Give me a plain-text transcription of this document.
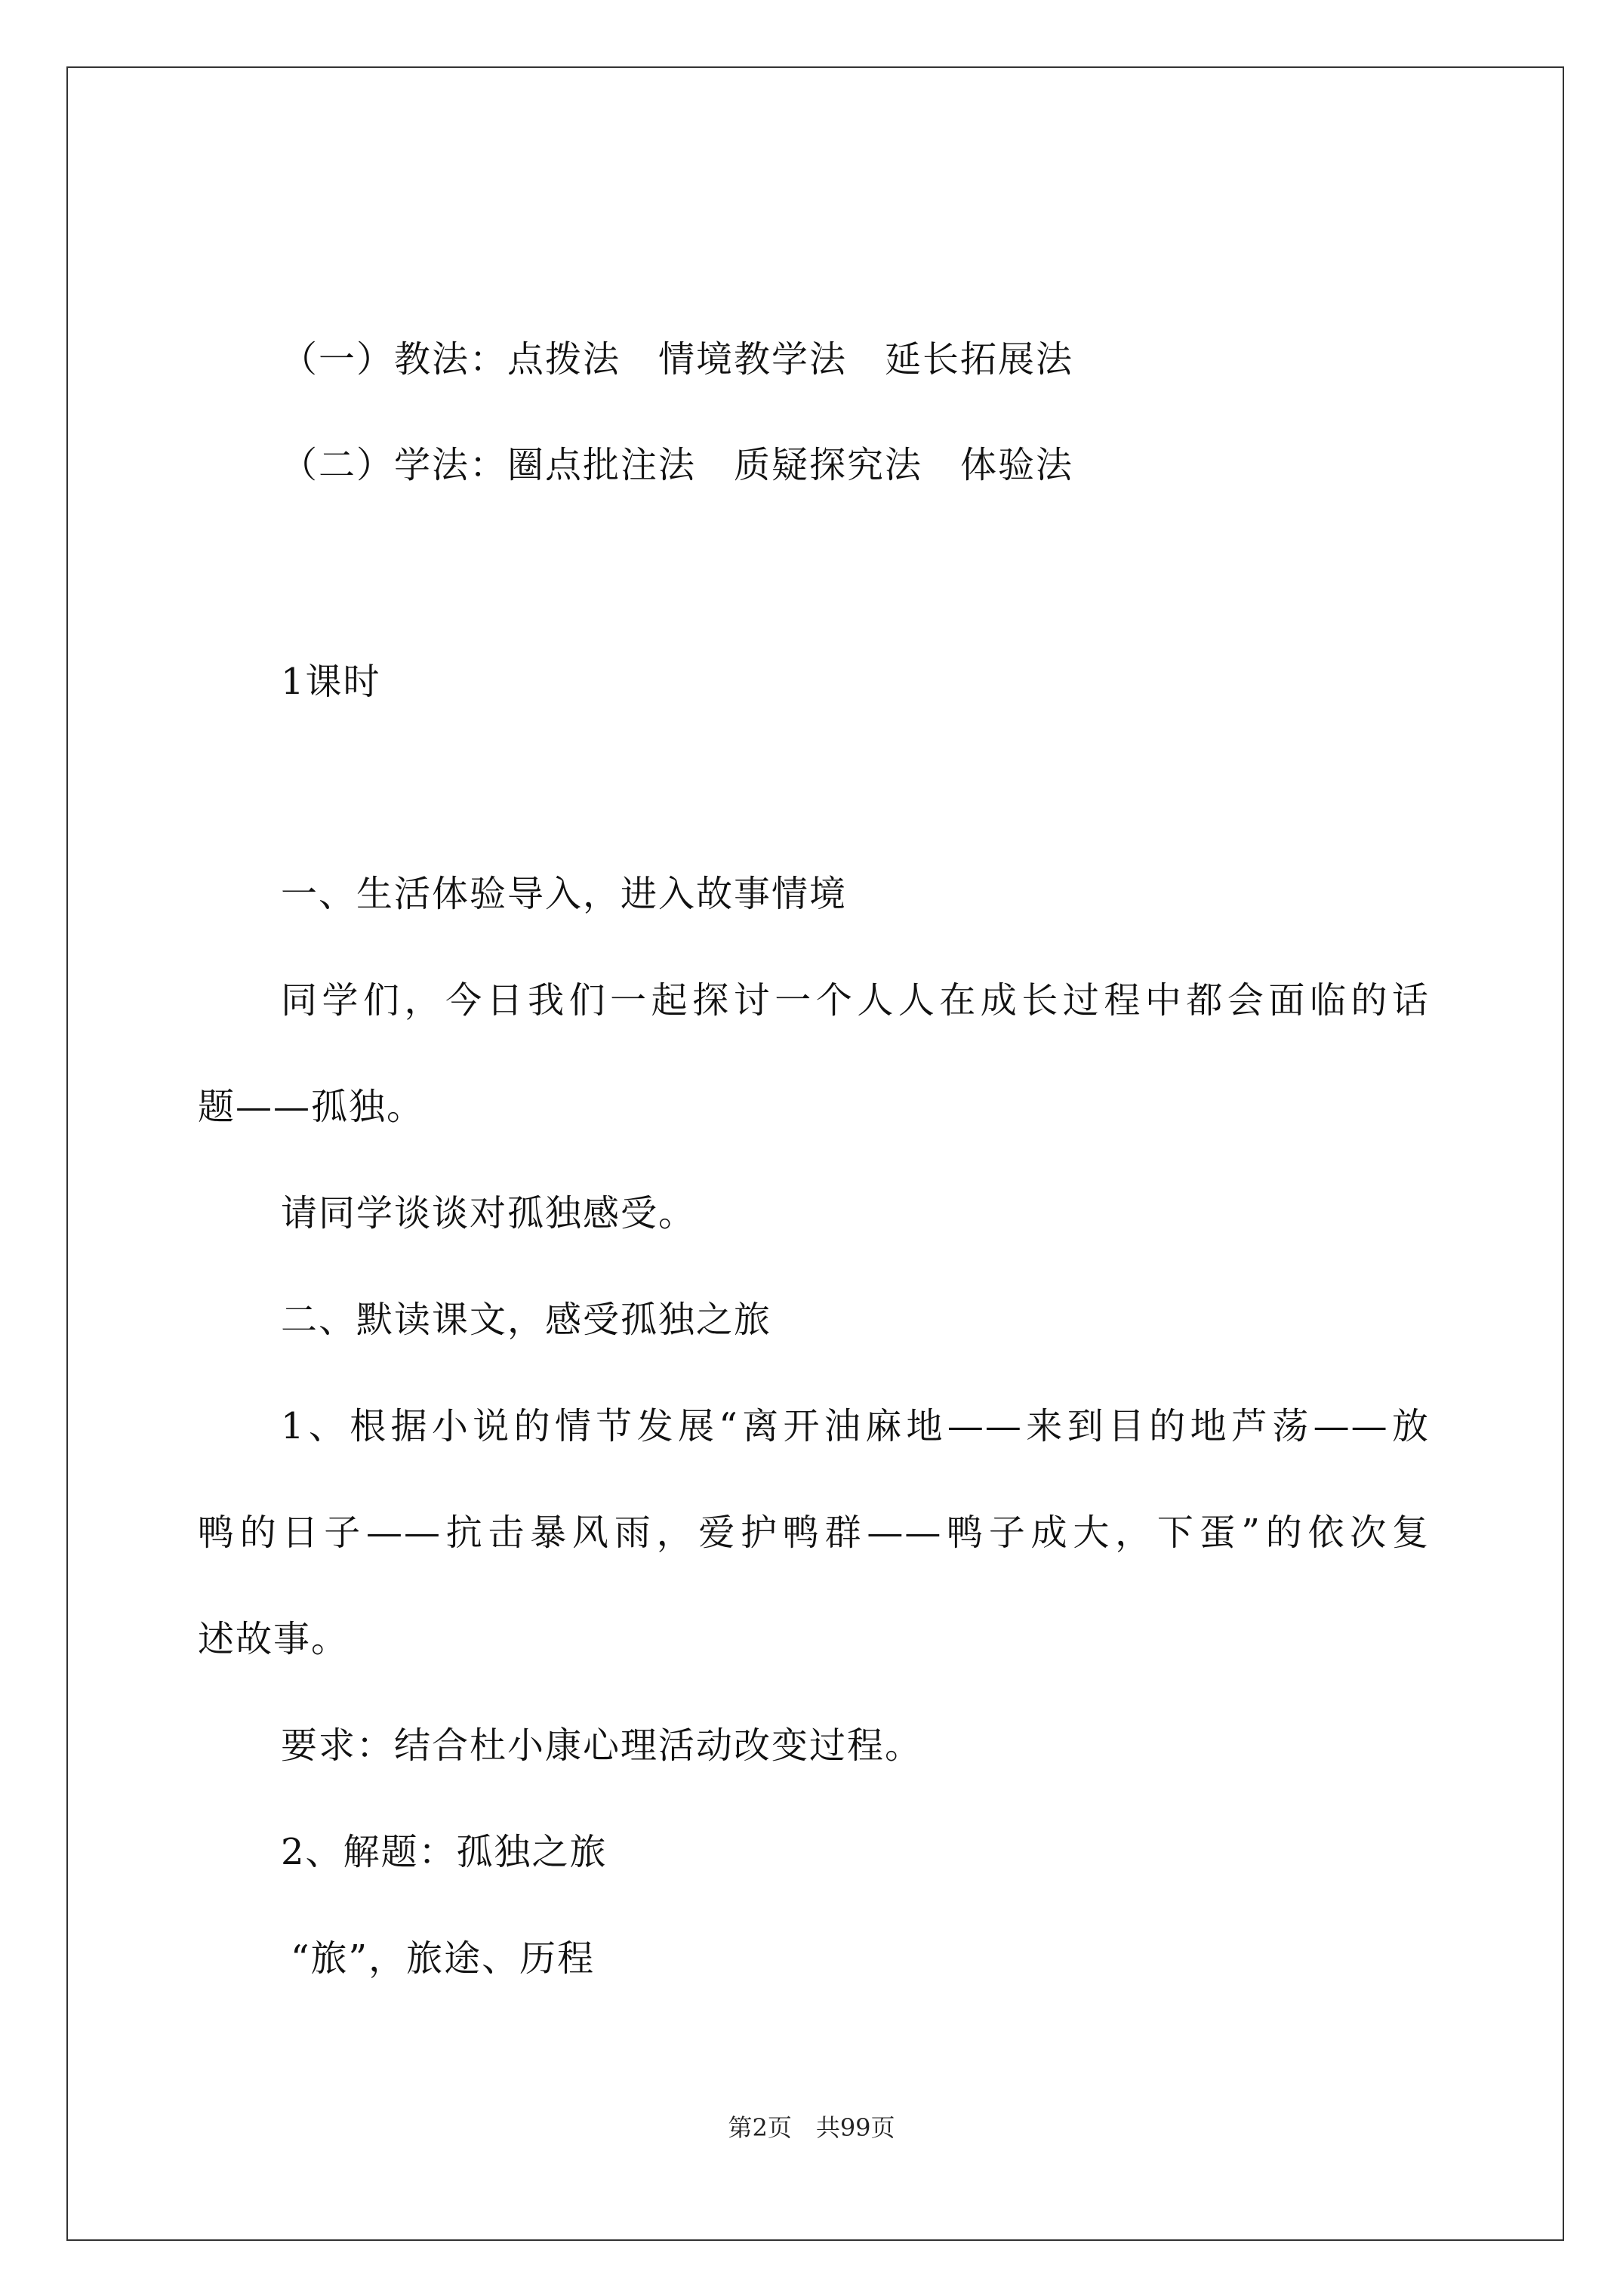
（一）教法：点拨法　情境教学法　延长拓展法
（二）学法：圈点批注法　质疑探究法　体验法
1课时
一、生活体验导入，进入故事情境
同学们，今日我们一起探讨一个人人在成长过程中都会面临的话
题——孤独。
请同学谈谈对孤独感受。
二、默读课文，感受孤独之旅
1、根据小说的情节发展“离开油麻地——来到目的地芦荡——放
鸭的日子——抗击暴风雨，爱护鸭群——鸭子成大，下蛋”的依次复
述故事。
要求：结合杜小康心理活动改变过程。
2、解题：孤独之旅
“旅”，旅途、历程
第2页　共99页
